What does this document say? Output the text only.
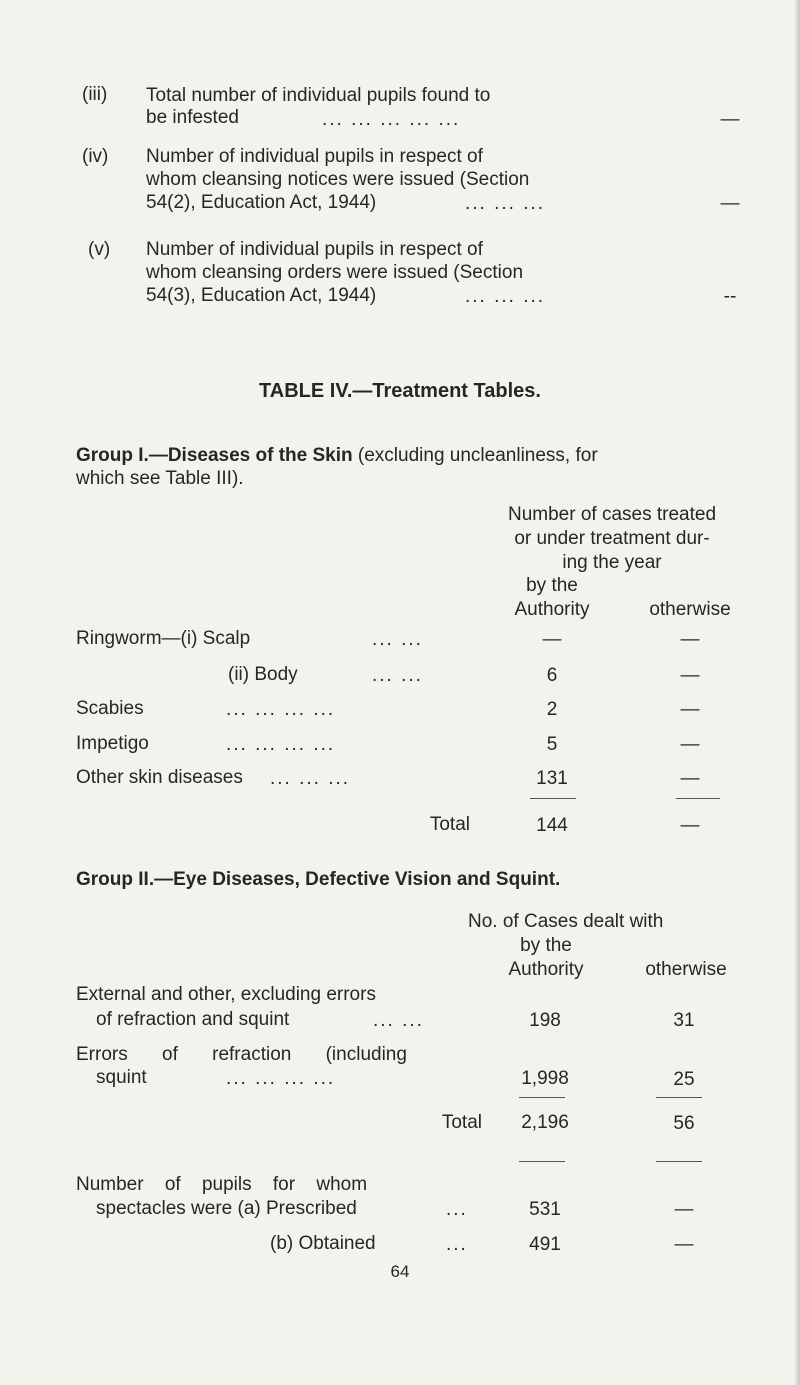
(iii) Total number of individual pupils found to
be infested	... ... ... ... ...	—
(iv) Number of individual pupils in respect of
whom cleansing notices were issued (Section
54(2), Education Act, 1944)	... ... ...	—
(v) Number of individual pupils in respect of
whom cleansing orders were issued (Section
54(3), Education Act, 1944)	... ... ...	--
TABLE IV.—Treatment Tables.
Group I.—Diseases of the Skin (excluding uncleanliness, for
which see Table III).
Number of cases treated
or under treatment dur-
ing the year
by the
Authority	otherwise
Ringworm—(i) Scalp	... ...	—	—
(ii) Body	... ...	6	—
Scabies	... ... ... ...	2	—
Impetigo	... ... ... ...	5	—
Other skin diseases ... ... ...	131	—
Total	144	—
Group II.—Eye Diseases, Defective Vision and Squint.
No. of Cases dealt with
by the
Authority	otherwise
External and other, excluding errors
of refraction and squint	... ...	198	31
Errors of refraction (including
squint	... ... ... ...	1,998	25
Total	2,196	56
Number of pupils for whom
spectacles were (a) Prescribed	...	531	—
(b) Obtained	...	491	—
64
